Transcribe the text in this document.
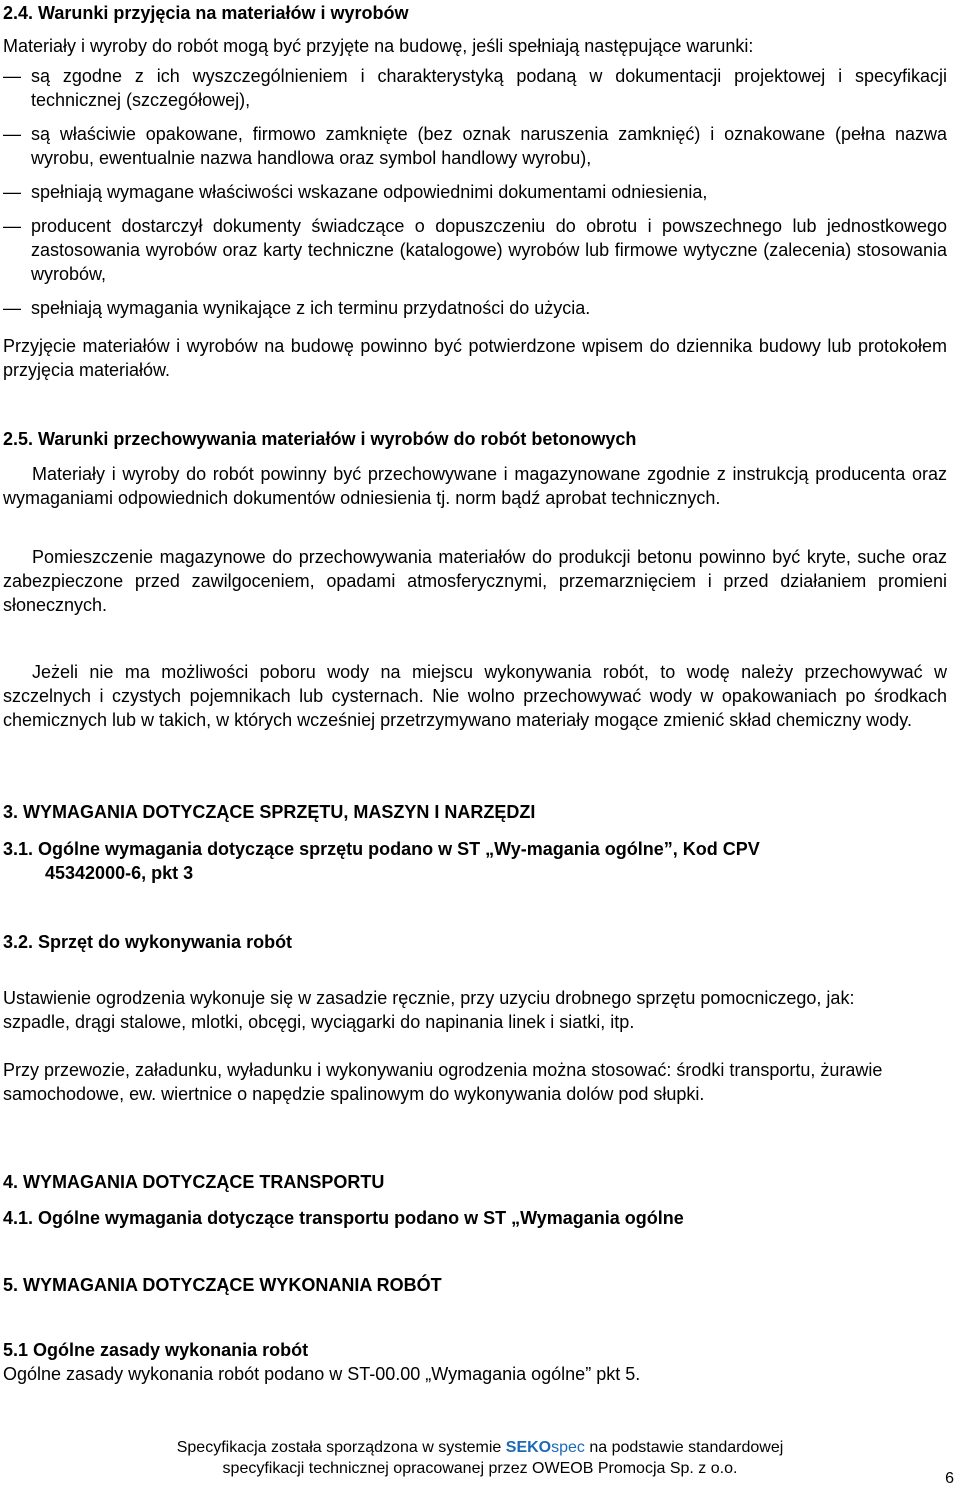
2.4. Warunki przyjęcia na materiałów i wyrobów

Materiały i wyroby do robót mogą być przyjęte na budowę, jeśli spełniają następujące warunki:

— są zgodne z ich wyszczególnieniem i charakterystyką podaną w dokumentacji projektowej i specyfikacji technicznej (szczegółowej),
— są właściwie opakowane, firmowo zamknięte (bez oznak naruszenia zamknięć) i oznakowane (pełna nazwa wyrobu, ewentualnie nazwa handlowa oraz symbol handlowy wyrobu),
— spełniają wymagane właściwości wskazane odpowiednimi dokumentami odniesienia,
— producent dostarczył dokumenty świadczące o dopuszczeniu do obrotu i powszechnego lub jednostkowego zastosowania wyrobów oraz karty techniczne (katalogowe) wyrobów lub firmowe wytyczne (zalecenia) stosowania wyrobów,
— spełniają wymagania wynikające z ich terminu przydatności do użycia.

Przyjęcie materiałów i wyrobów na budowę powinno być potwierdzone wpisem do dziennika budowy lub protokołem przyjęcia materiałów.

2.5. Warunki przechowywania materiałów i wyrobów do robót betonowych

Materiały i wyroby do robót powinny być przechowywane i magazynowane zgodnie z instrukcją producenta oraz wymaganiami odpowiednich dokumentów odniesienia tj. norm bądź aprobat technicznych.

Pomieszczenie magazynowe do przechowywania materiałów do produkcji betonu powinno być kryte, suche oraz zabezpieczone przed zawilgoceniem, opadami atmosferycznymi, przemarznięciem i przed działaniem promieni słonecznych.

Jeżeli nie ma możliwości poboru wody na miejscu wykonywania robót, to wodę należy przechowywać w szczelnych i czystych pojemnikach lub cysternach. Nie wolno przechowywać wody w opakowaniach po środkach chemicznych lub w takich, w których wcześniej przetrzymywano materiały mogące zmienić skład chemiczny wody.

3. WYMAGANIA DOTYCZĄCE SPRZĘTU, MASZYN I NARZĘDZI

3.1. Ogólne wymagania dotyczące sprzętu podano w ST „Wy-magania ogólne”, Kod CPV

45342000-6, pkt 3

3.2. Sprzęt do wykonywania robót

Ustawienie ogrodzenia wykonuje się w zasadzie ręcznie, przy uzyciu drobnego sprzętu pomocniczego, jak: szpadle, drągi stalowe, mlotki, obcęgi, wyciągarki do napinania linek i siatki, itp.

Przy przewozie, załadunku, wyładunku i wykonywaniu ogrodzenia można stosować: środki transportu, żurawie samochodowe, ew. wiertnice o napędzie spalinowym do wykonywania dolów pod słupki.

4. WYMAGANIA DOTYCZĄCE TRANSPORTU

4.1. Ogólne wymagania dotyczące transportu podano w ST „Wymagania ogólne

5. WYMAGANIA DOTYCZĄCE WYKONANIA ROBÓT

5.1 Ogólne zasady wykonania robót

Ogólne zasady wykonania robót podano w ST-00.00 „Wymagania ogólne” pkt 5.

Specyfikacja została sporządzona w systemie SEKOspec na podstawie standardowej
specyfikacji technicznej opracowanej przez OWEOB Promocja Sp. z o.o.
6
